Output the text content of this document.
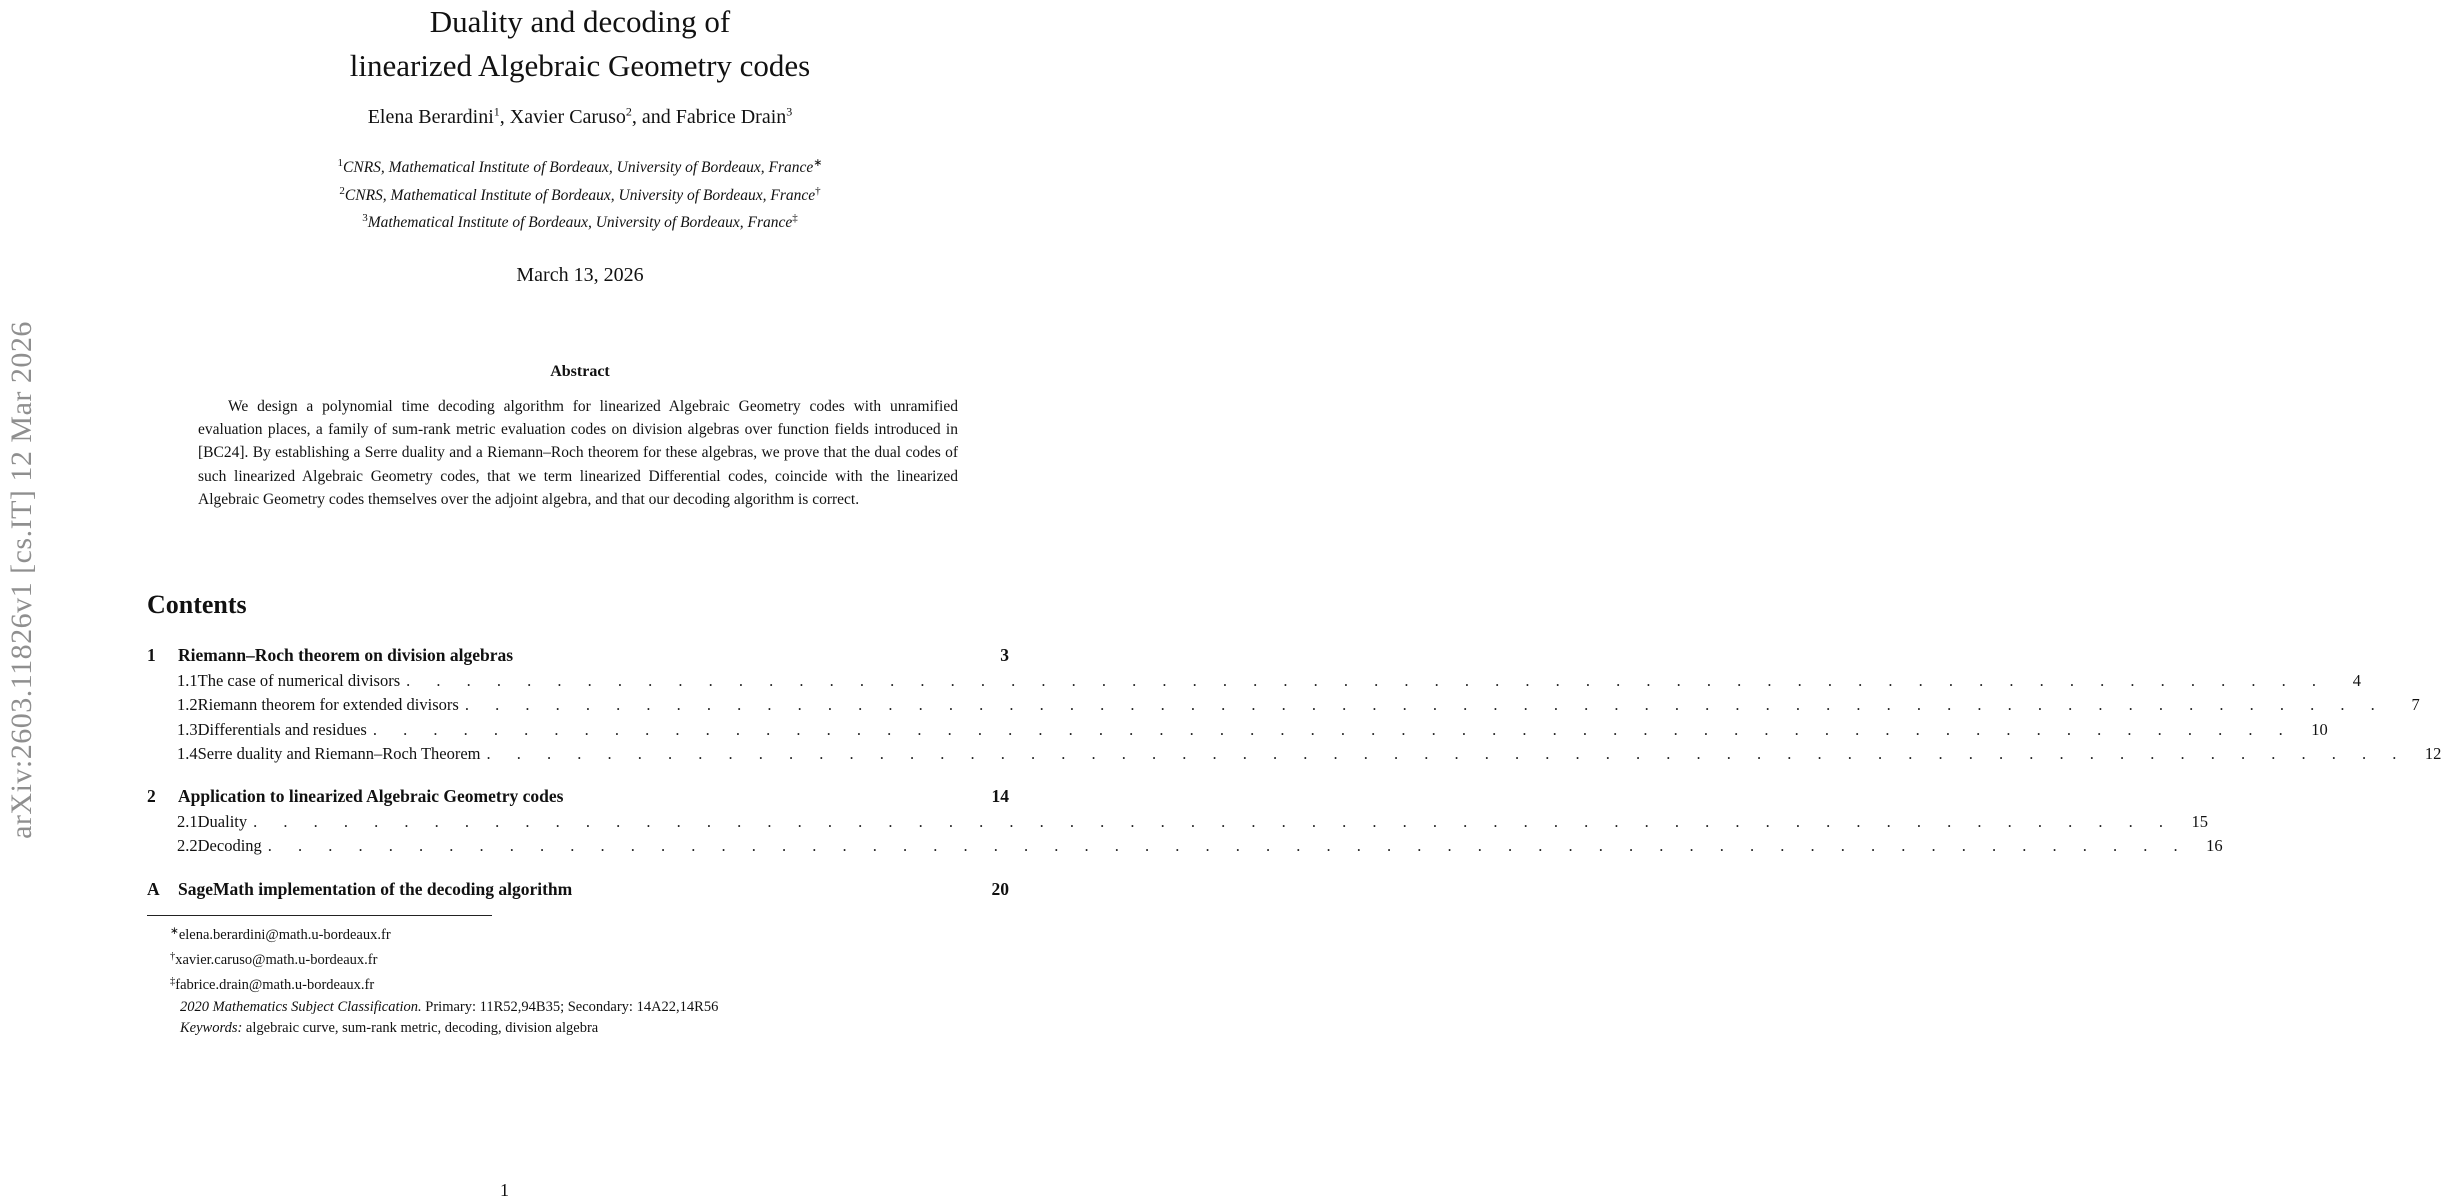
arXiv:2603.11826v1 [cs.IT] 12 Mar 2026
Duality and decoding of
linearized Algebraic Geometry codes
Elena Berardini$^1$, Xavier Caruso$^2$, and Fabrice Drain$^3$
$^1$CNRS, Mathematical Institute of Bordeaux, University of Bordeaux, France∗
$^2$CNRS, Mathematical Institute of Bordeaux, University of Bordeaux, France†
$^3$Mathematical Institute of Bordeaux, University of Bordeaux, France‡
March 13, 2026
Abstract
We design a polynomial time decoding algorithm for linearized Algebraic Geometry codes with unramified evaluation places, a family of sum-rank metric evaluation codes on division algebras over function fields introduced in [BC24]. By establishing a Serre duality and a Riemann–Roch theorem for these algebras, we prove that the dual codes of such linearized Algebraic Geometry codes, that we term linearized Differential codes, coincide with the linearized Algebraic Geometry codes themselves over the adjoint algebra, and that our decoding algorithm is correct.
Contents
1	Riemann–Roch theorem on division algebras	3
1.1 The case of numerical divisors . . . . . . . . . . . . . . . . . . . . . . . . . . . . . . . . . . . . . . . . . . . . . . . . . . . . . . . . . . . . . . . .	4
1.2 Riemann theorem for extended divisors . . . . . . . . . . . . . . . . . . . . . . . . . . . . . . . . . . . . . . . . . . . . . . . . . . . . . . . . . . . . . . . .	7
1.3 Differentials and residues . . . . . . . . . . . . . . . . . . . . . . . . . . . . . . . . . . . . . . . . . . . . . . . . . . . . . . . . . . . . . . . .	10
1.4 Serre duality and Riemann–Roch Theorem . . . . . . . . . . . . . . . . . . . . . . . . . . . . . . . . . . . . . . . . . . . . . . . . . . . . . . . . . . . . . . . .	12
2	Application to linearized Algebraic Geometry codes	14
2.1 Duality . . . . . . . . . . . . . . . . . . . . . . . . . . . . . . . . . . . . . . . . . . . . . . . . . . . . . . . . . . . . . . . .	15
2.2 Decoding . . . . . . . . . . . . . . . . . . . . . . . . . . . . . . . . . . . . . . . . . . . . . . . . . . . . . . . . . . . . . . . .	16
A	SageMath implementation of the decoding algorithm	20
∗elena.berardini@math.u-bordeaux.fr
†xavier.caruso@math.u-bordeaux.fr
‡fabrice.drain@math.u-bordeaux.fr
2020 Mathematics Subject Classification. Primary: 11R52,94B35; Secondary: 14A22,14R56
Keywords: algebraic curve, sum-rank metric, decoding, division algebra
1
